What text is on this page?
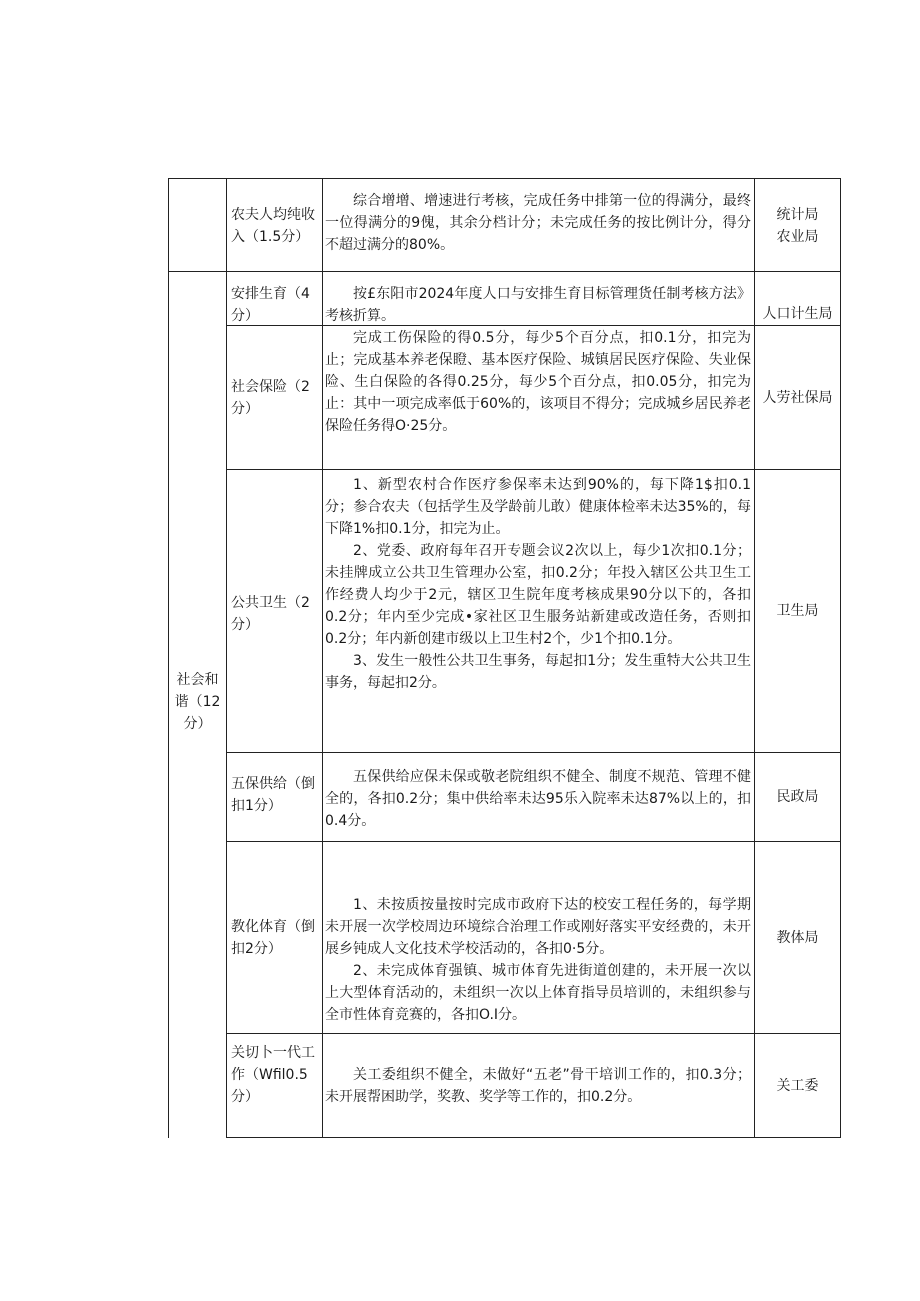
社会和谐（12分）
农夫人均纯收入（1.5分）

综合增增、增速进行考核，完成任务中排第一位的得满分，最终一位得满分的9傀，其余分档计分；未完成任务的按比例计分，得分不超过满分的80%。

统计局
农业局
安排生育（4分）

按£东阳市2024年度人口与安排生育目标管理货任制考核方法》考核折算。	人口计生局
社会保险（2分）

完成工伤保险的得0.5分，每少5个百分点，扣0.1分，扣完为止；完成基本养老保瞪、基本医疗保险、城镇居民医疗保险、失业保险、生白保险的各得0.25分，每少5个百分点，扣0.05分，扣完为止：其中一项完成率低于60%的，该项目不得分；完成城乡居民养老保险任务得O·25分。

人劳社保局
公共卫生（2分）

1、新型农村合作医疗参保率未达到90%的，每下降1$扣0.1分；参合农夫（包括学生及学龄前儿敢）健康体检率未达35%的，每下降1%扣0.1分，扣完为止。

2、党委、政府每年召开专题会议2次以上，每少1次扣0.1分；未挂牌成立公共卫生管理办公室，扣0.2分；年投入辖区公共卫生工作经费人均少于2元，辖区卫生院年度考核成果90分以下的，各扣0.2分；年内至少完成•家社区卫生服务站新建或改造任务，否则扣0.2分；年内新创建市级以上卫生村2个，少1个扣0.1分。

3、发生一般性公共卫生事务，每起扣1分；发生重特大公共卫生事务，每起扣2分。

卫生局
五保供给（倒扣1分）

五保供给应保未保或敬老院组织不健全、制度不规范、管理不健全的，各扣0.2分；集中供给率未达95乐入院率未达87%以上的，扣0.4分。

民政局
教化体育（倒扣2分）

1、未按质按量按时完成市政府下达的校安工程任务的，每学期未开展一次学校周边环境综合治理工作或刚好落实平安经费的，未开展乡钝成人文化技术学校活动的，各扣0·5分。

2、未完成体育强镇、城市体育先进街道创建的，未开展一次以上大型体育活动的，未组织一次以上体育指导员培训的，未组织参与全市性体育竞赛的，各扣O.I分。

教体局
关切卜一代工作（Wfil0.5分）

关工委组织不健全，未做好“五老”骨干培训工作的，扣0.3分；未开展帮困助学，奖教、奖学等工作的，扣0.2分。

关工委
